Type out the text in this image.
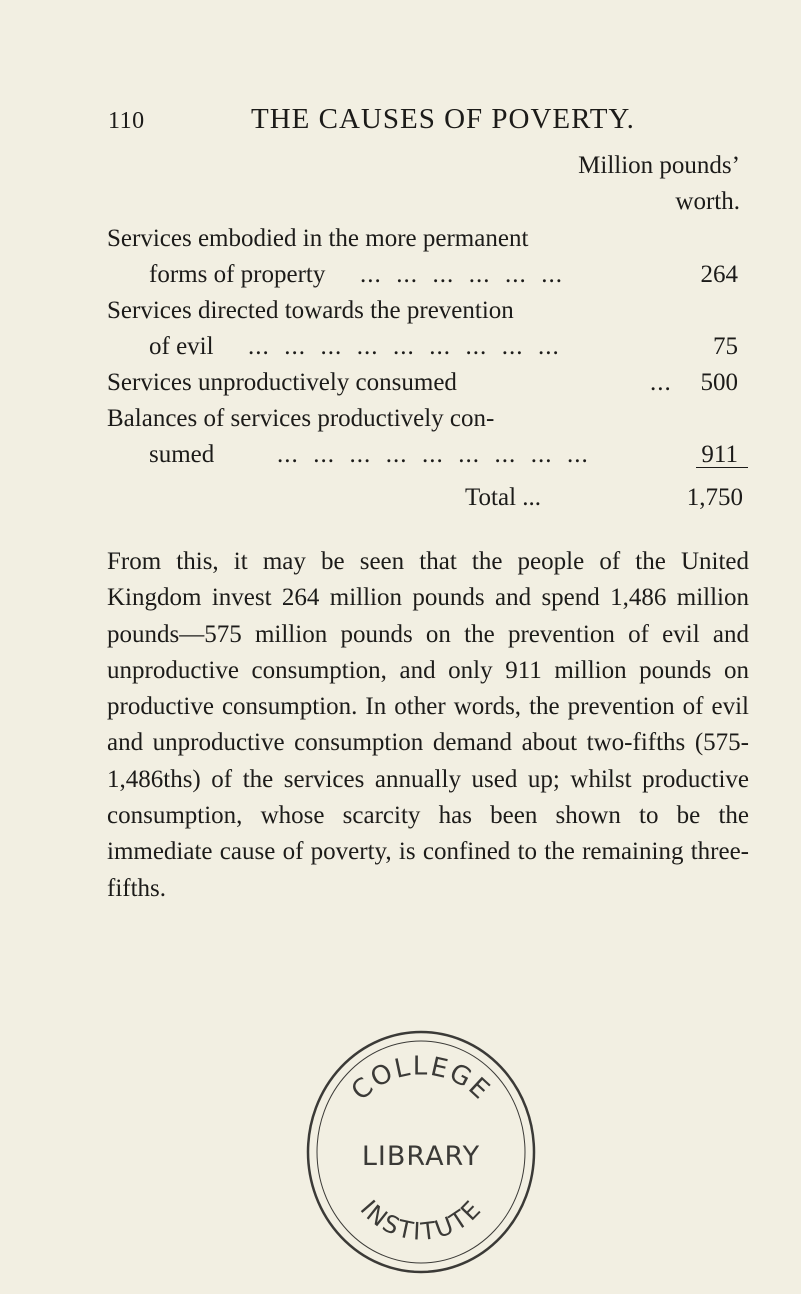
110	THE CAUSES OF POVERTY.
Million pounds’
worth.
Services embodied in the more permanent
forms of property ...  ...  ...  ...  ...  ...	264
Services directed towards the prevention
of evil ...  ...  ...  ...  ...  ...  ...  ...  ...	75
Services unproductively consumed	... 500
Balances of services productively con-
sumed	...  ...  ...  ...  ...  ...  ...  ...  ...	911
Total ...	1,750

From this, it may be seen that the people of the United Kingdom invest 264 million pounds and spend 1,486 million pounds—575 million pounds on the prevention of evil and unproductive consumption, and only 911 million pounds on productive consumption. In other words, the prevention of evil and unproductive consumption demand about two-fifths (575-1,486ths) of the services annually used up; whilst productive consumption, whose scarcity has been shown to be the immediate cause of poverty, is confined to the remaining three-fifths.

COLLEGE
LIBRARY
INSTITUTE
